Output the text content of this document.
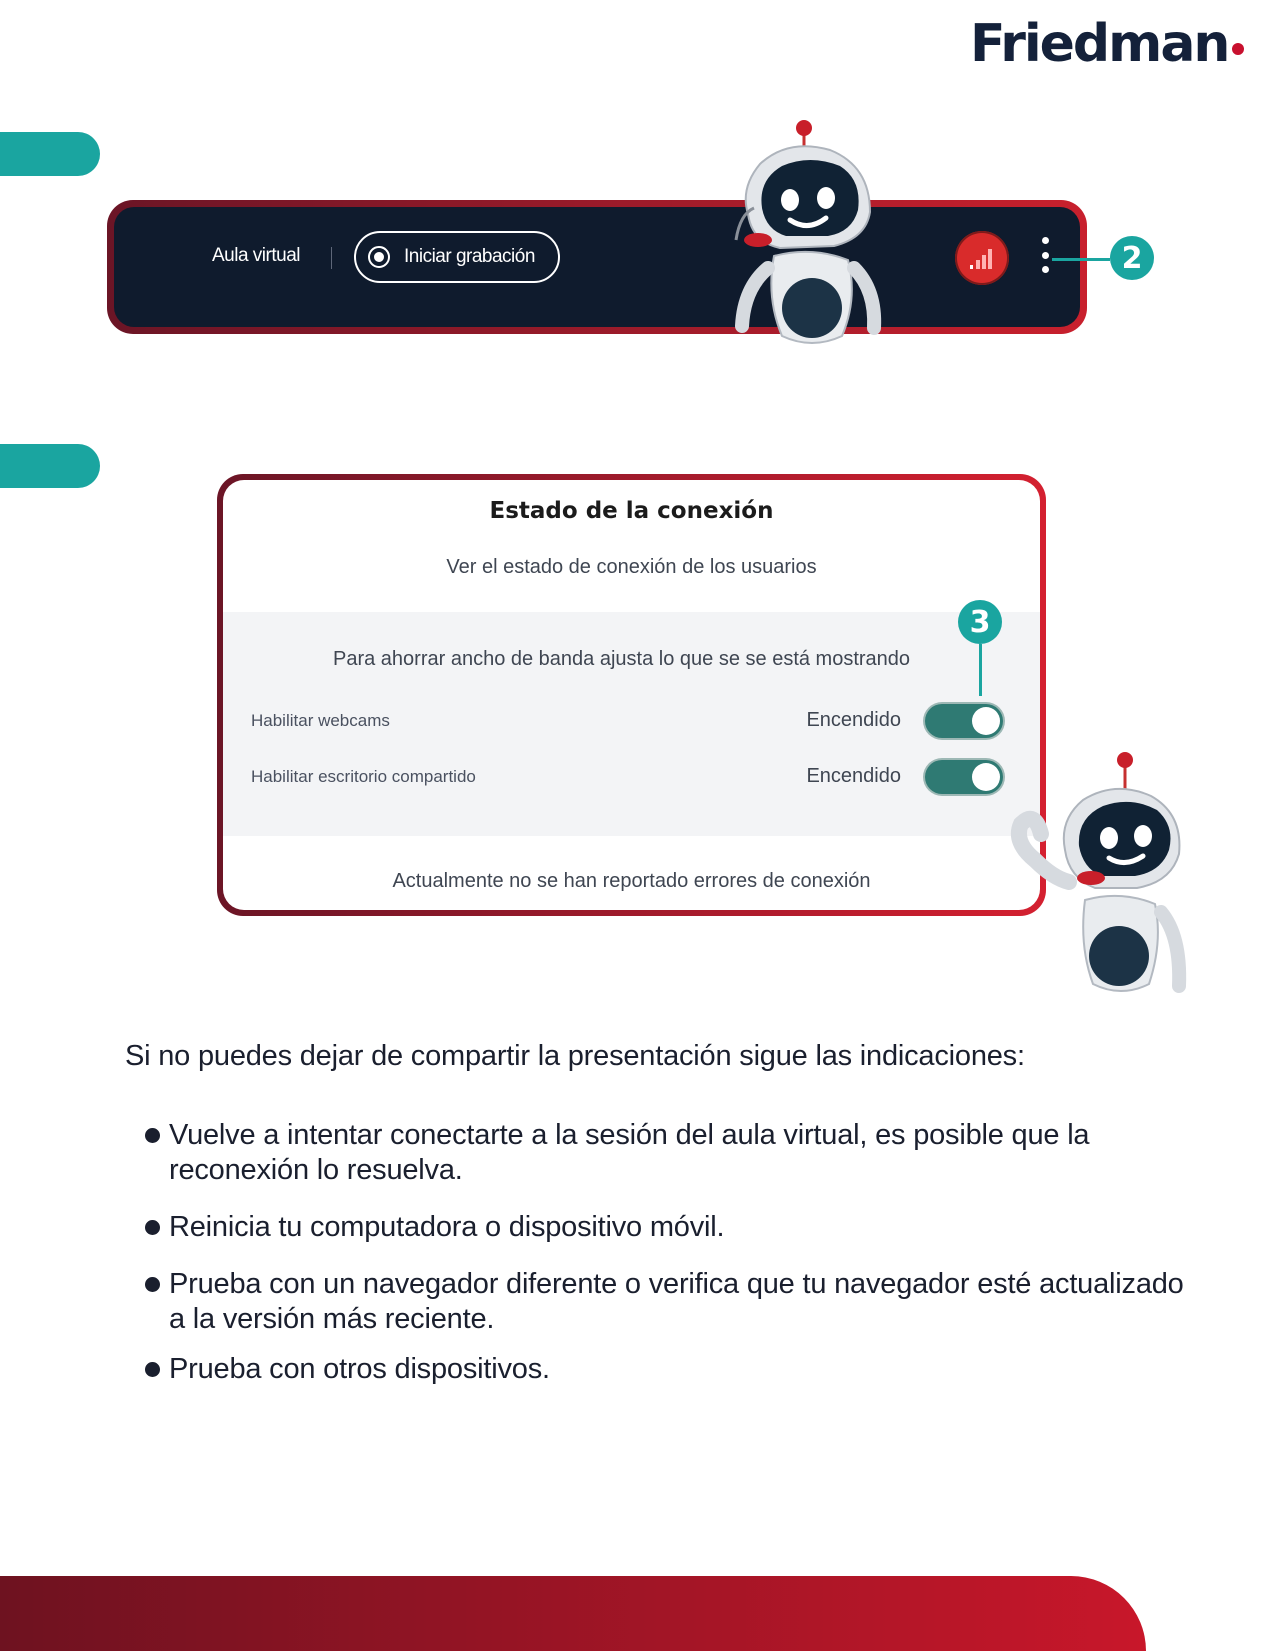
Friedman
Aula virtual	Iniciar grabación	2
Estado de la conexión
Ver el estado de conexión de los usuarios
Para ahorrar ancho de banda ajusta lo que se se está mostrando
Habilitar webcams	Encendido
Habilitar escritorio compartido	Encendido
Actualmente no se han reportado errores de conexión
3
Si no puedes dejar de compartir la presentación sigue las indicaciones:
Vuelve a intentar conectarte a la sesión del aula virtual, es posible que la reconexión lo resuelva.
Reinicia tu computadora o dispositivo móvil.
Prueba con un navegador diferente o verifica que tu navegador esté actualizado a la versión más reciente.
Prueba con otros dispositivos.
